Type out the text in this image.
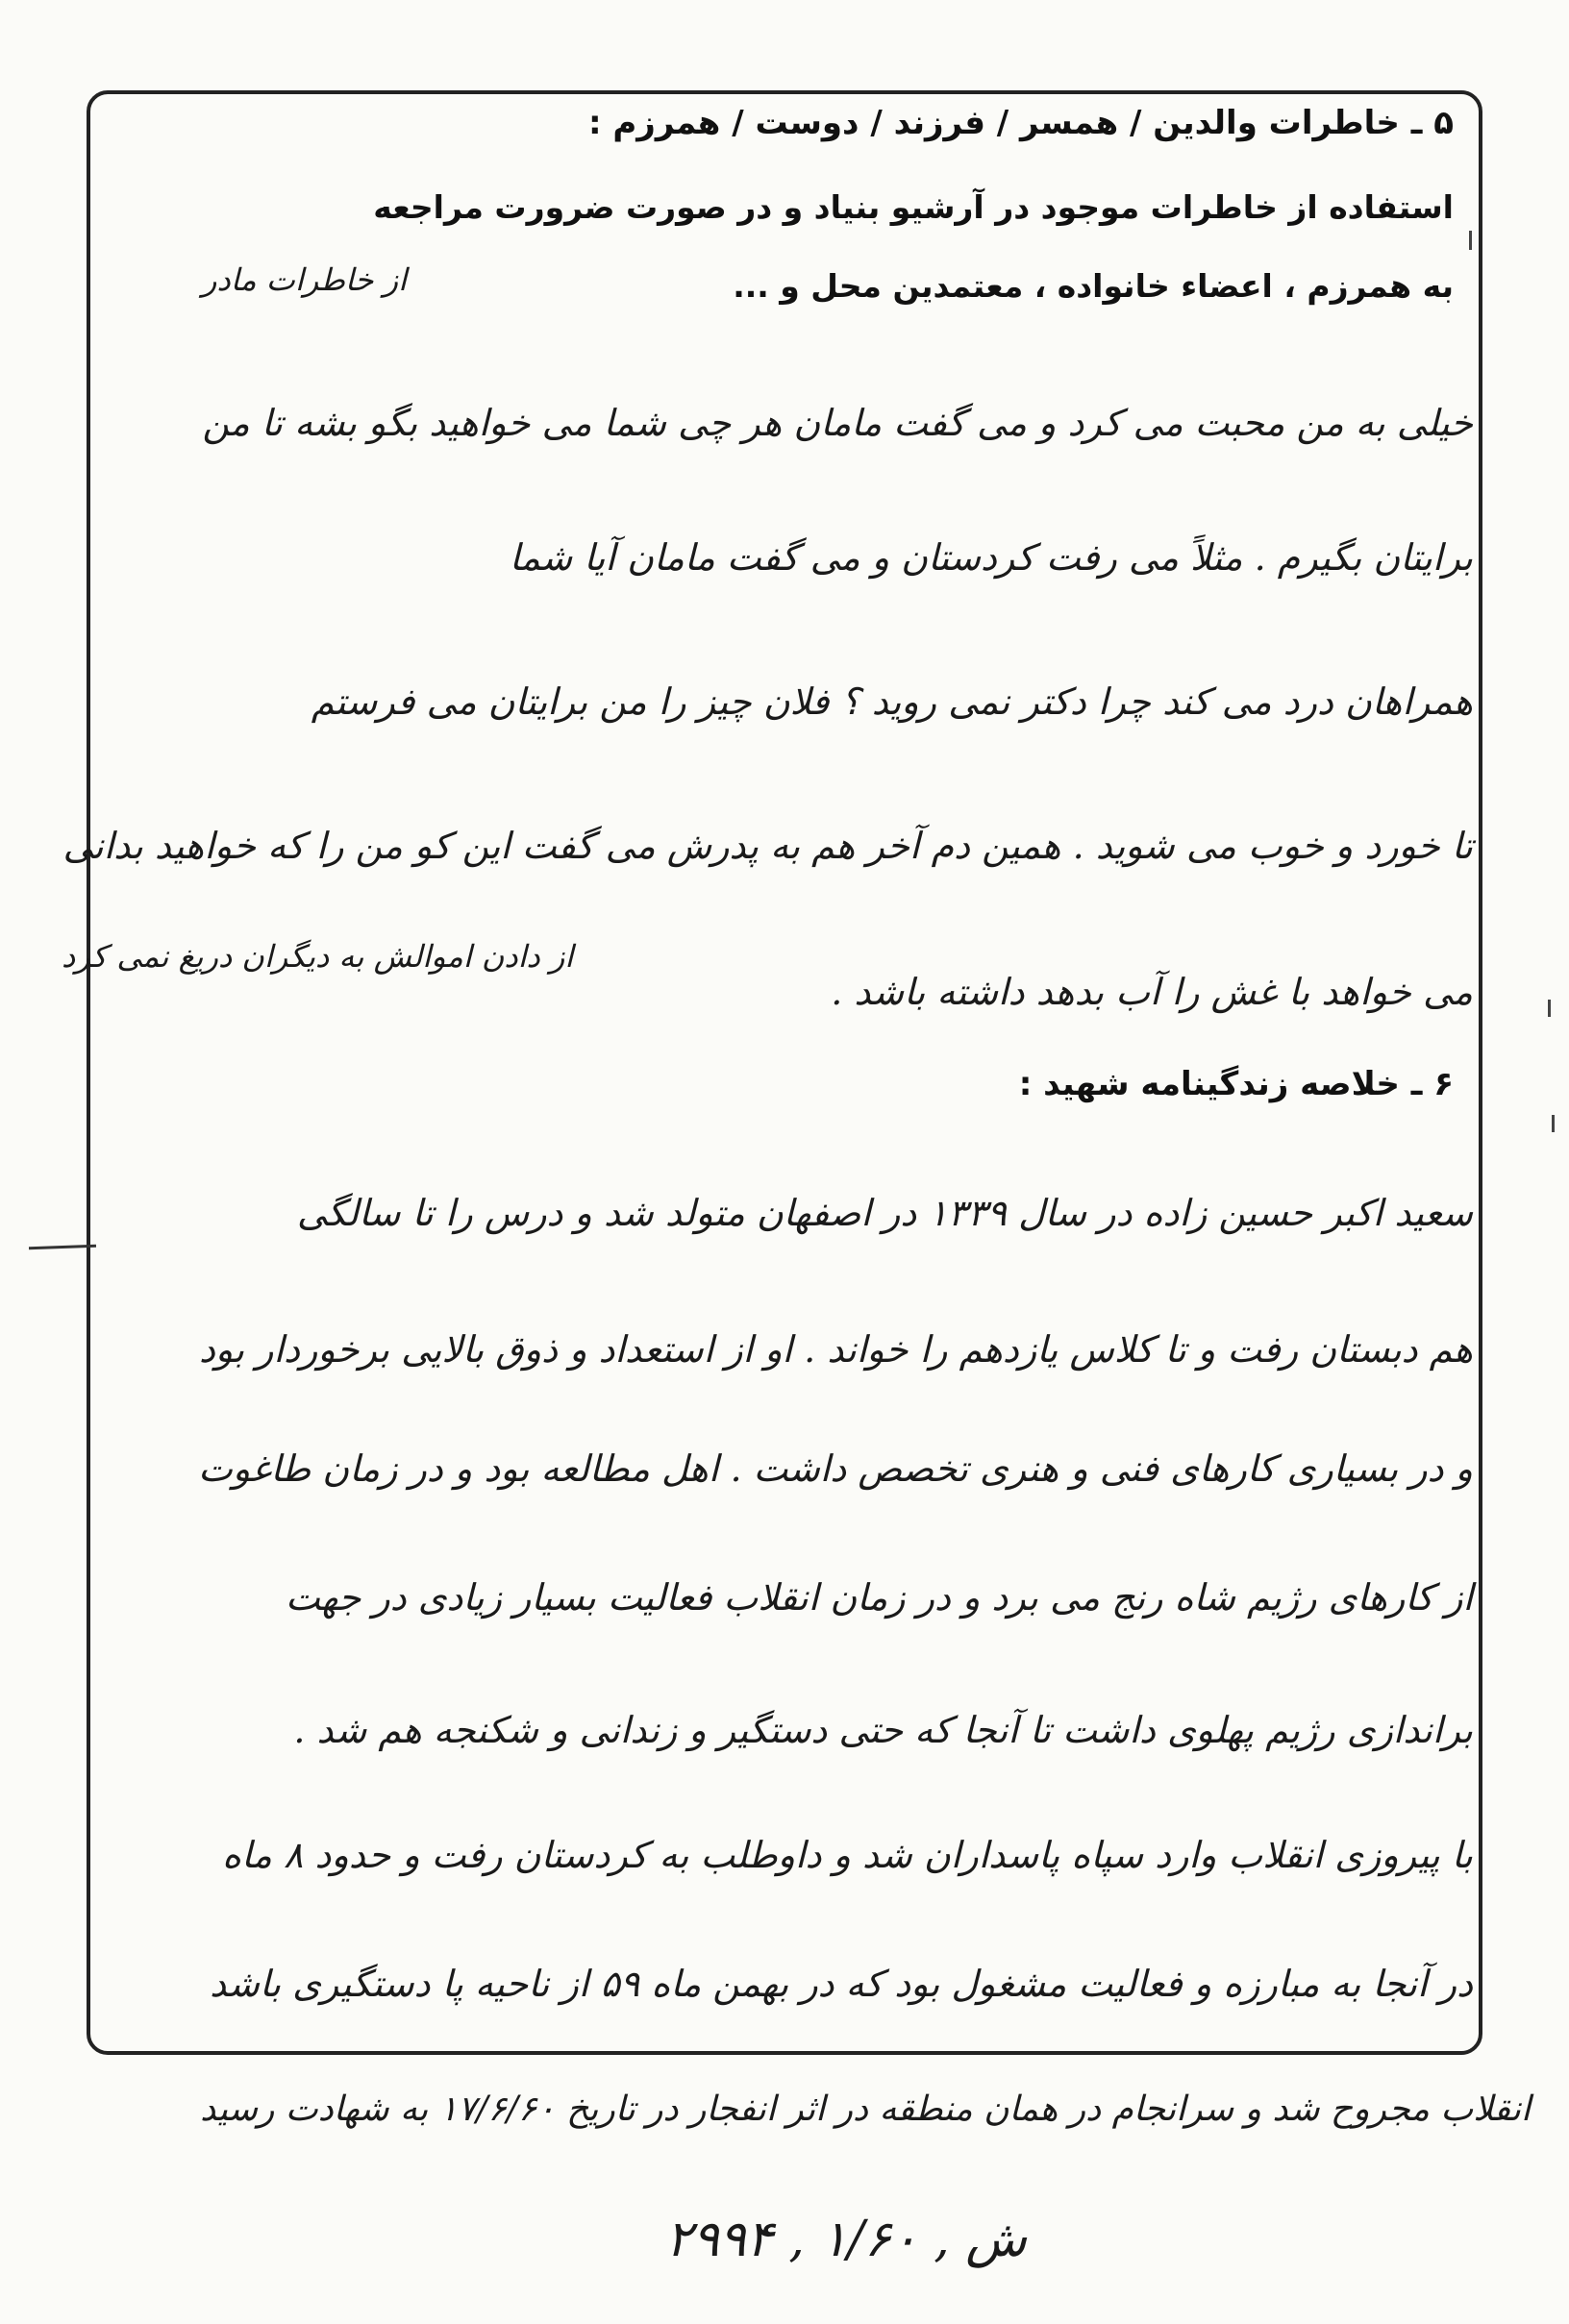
۵ ـ خاطرات والدین / همسر / فرزند / دوست / همرزم :
استفاده از خاطرات موجود در آرشیو بنیاد و در صورت ضرورت مراجعه
به همرزم ، اعضاء خانواده ، معتمدین محل و ...
از خاطرات مادر
خیلی به من محبت می کرد و می گفت مامان هر چی شما می خواهید بگو بشه تا من
برایتان بگیرم . مثلاً می رفت کردستان و می گفت مامان آیا شما
همراهان درد می کند چرا دکتر نمی روید ؟ فلان چیز را من برایتان می فرستم
تا خورد و خوب می شوید . همین دم آخر هم به پدرش می گفت این کو من را که خواهید بدانی
می خواهد با غش را آب بدهد داشته باشد .
از دادن اموالش به دیگران دریغ نمی کرد
۶ ـ خلاصه زندگینامه شهید :
سعید اکبر حسین زاده در سال ۱۳۳۹ در اصفهان متولد شد و درس را تا سالگی
هم دبستان رفت و تا کلاس یازدهم را خواند . او از استعداد و ذوق بالایی برخوردار بود
و در بسیاری کارهای فنی و هنری تخصص داشت . اهل مطالعه بود و در زمان طاغوت
از کارهای رژیم شاه رنج می برد و در زمان انقلاب فعالیت بسیار زیادی در جهت
براندازی رژیم پهلوی داشت تا آنجا که حتی دستگیر و زندانی و شکنجه هم شد .
با پیروزی انقلاب وارد سپاه پاسداران شد و داوطلب به کردستان رفت و حدود ۸ ماه
در آنجا به مبارزه و فعالیت مشغول بود که در بهمن ماه ۵۹ از ناحیه پا دستگیری باشد
انقلاب مجروح شد و سرانجام در همان منطقه در اثر انفجار در تاریخ ۱۷/۶/۶۰ به شهادت رسید
۲۹۹۴ , ۱/۶۰ , ش
